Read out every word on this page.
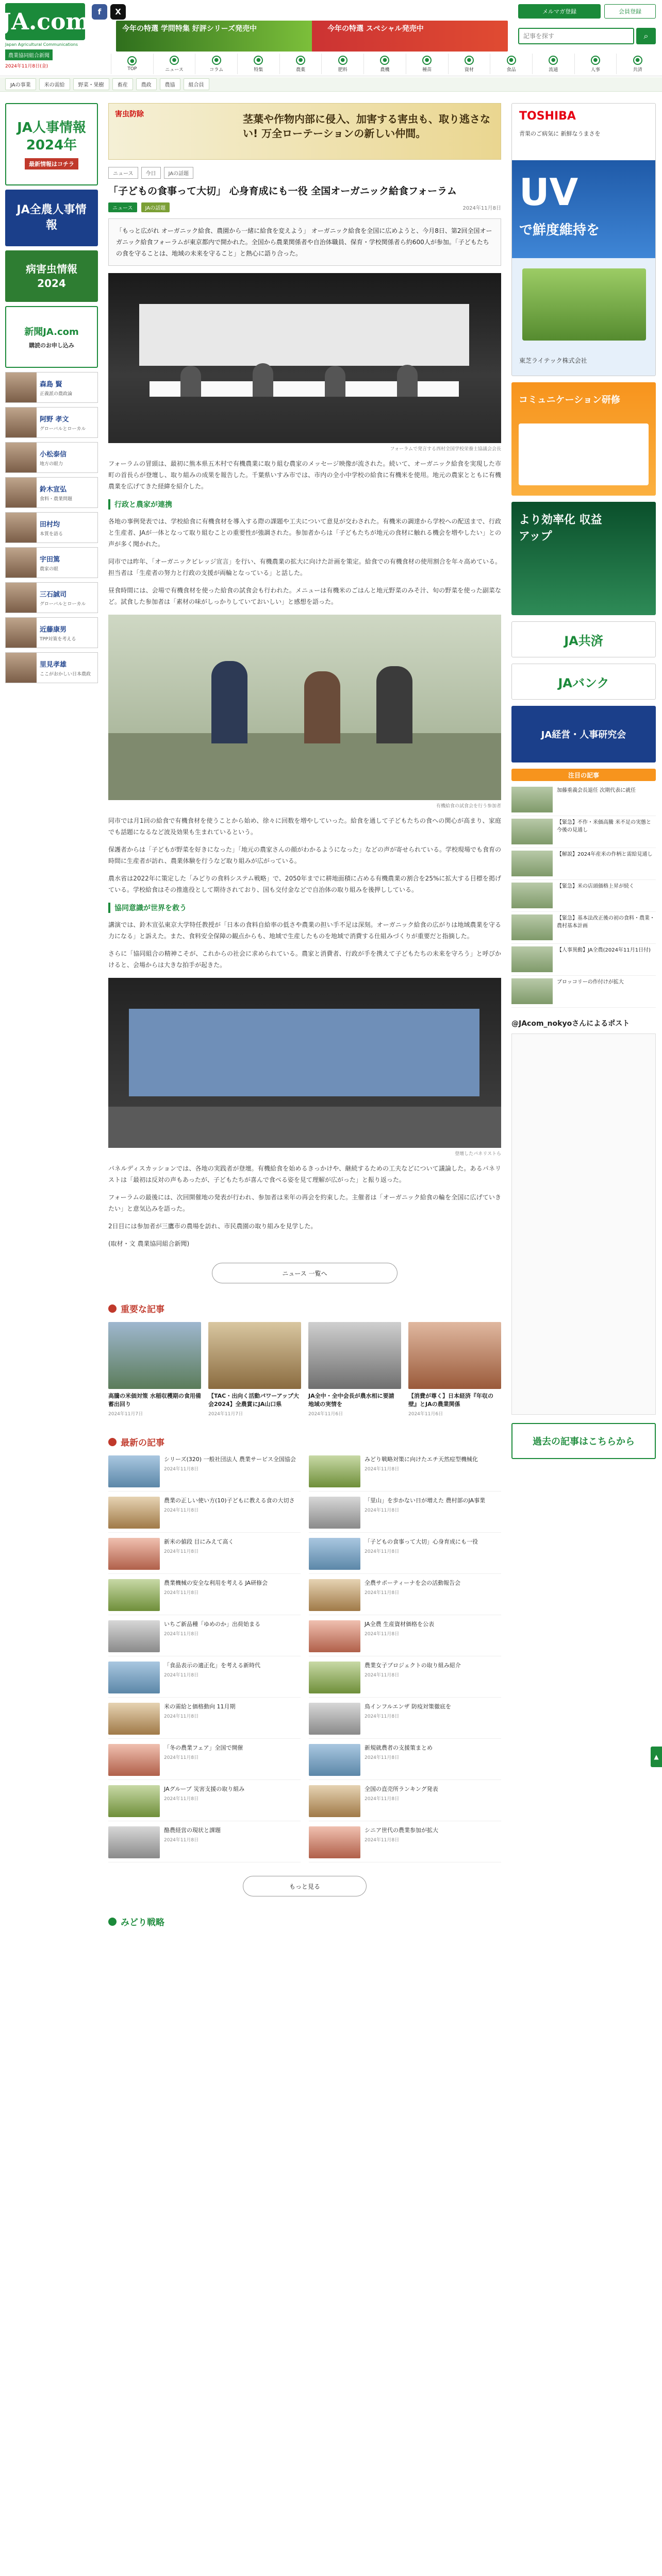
JA.com
Japan Agricultural Communications
農業協同組合新聞
2024年11月8日(金)
f	X
今年の特選 学問特集 好評シリーズ発売中	今年の特選 スペシャル発売中
メルマガ登録	会員登録
記事を探す
⌕
●
TOP
●
ニュース
●
コラム
●
特集
●
農薬
●
肥料
●
農機
●
種苗
●
資材
●
食品
●
流通
●
人事
●
共済
JAの事業	米の需給	野菜・果樹	畜産	農政	農協	組合員
JA人事情報2024年
最新情報はコチラ
JA全農人事情報
病害虫情報2024
新聞JA.com
購読のお申し込み
森島 賢
正義派の農政論
阿野 孝文
グローバルとローカル
小松泰信
地方の眼力
鈴木宣弘
食料・農業問題
田村均
本質を語る
宇田篤
農家の眼
三石誠司
グローバルとローカル
近藤康男
TPP対策を考える
里見孝雄
ここがおかしい日本農政
TOSHIBA
青果のご病気に 新鮮なうまさを
UV
で鮮度維持を
東芝ライテック株式会社
コミュニケーション研修
より効率化 収益アップ
JA共済
JAバンク
JA経営・人事研究会
注目の記事
加藤重義会長退任 次期代表に就任
【緊急】不作・米価高騰 米不足の実態と今後の見通し
【解説】2024年産米の作柄と需給見通し
【緊急】米の店頭価格上昇が続く
【緊急】基本法改正後の初の食料・農業・農村基本計画
【人事異動】JA全農(2024年11月1日付)
ブロッコリーの作付けが拡大
@JAcom_nokyoさんによるポスト
過去の記事はこちらから
害虫防除	茎葉や作物内部に侵入、加害する害虫も、取り逃さない! 万全ローテーションの新しい仲間。
ニュース	今日	JAの話題
「子どもの食事って大切」 心身育成にも一役 全国オーガニック給食フォーラム
ニュース	JAの話題	2024年11月8日
「もっと広がれ オーガニック給食、農園から一緒に給食を変えよう」 オーガニック給食を全国に広めようと、今月8日、第2回全国オーガニック給食フォーラムが東京都内で開かれた。全国から農業関係者や自治体職員、保育・学校関係者ら約600人が参加。「子どもたちの食を守ることは、地域の未来を守ること」と熱心に語り合った。
フォーラムで発言する西村全国学校栄養士協議会会長

フォーラムの冒頭は、最初に熊本県五木村で有機農業に取り組む農家のメッセージ映像が流された。続いて、オーガニック給食を実現した市町の首長らが登壇し、取り組みの成果を報告した。千葉県いすみ市では、市内の全小中学校の給食に有機米を使用。地元の農家とともに有機農業を広げてきた経緯を紹介した。

行政と農家が連携

各地の事例発表では、学校給食に有機食材を導入する際の課題や工夫について意見が交わされた。有機米の調達から学校への配送まで、行政と生産者、JAが一体となって取り組むことの重要性が強調された。参加者からは「子どもたちが地元の食材に触れる機会を増やしたい」との声が多く聞かれた。

同市では昨年、「オーガニックビレッジ宣言」を行い、有機農業の拡大に向けた計画を策定。給食での有機食材の使用割合を年々高めている。担当者は「生産者の努力と行政の支援が両輪となっている」と話した。

昼食時間には、会場で有機食材を使った給食の試食会も行われた。メニューは有機米のごはんと地元野菜のみそ汁、旬の野菜を使った副菜など。試食した参加者は「素材の味がしっかりしていておいしい」と感想を語った。

有機給食の試食会を行う参加者

同市では月1回の給食で有機食材を使うことから始め、徐々に回数を増やしていった。給食を通して子どもたちの食への関心が高まり、家庭でも話題になるなど波及効果も生まれているという。

保護者からは「子どもが野菜を好きになった」「地元の農家さんの顔がわかるようになった」などの声が寄せられている。学校現場でも食育の時間に生産者が訪れ、農業体験を行うなど取り組みが広がっている。

農水省は2022年に策定した「みどりの食料システム戦略」で、2050年までに耕地面積に占める有機農業の割合を25%に拡大する目標を掲げている。学校給食はその推進役として期待されており、国も交付金などで自治体の取り組みを後押ししている。

協同意識が世界を救う

講演では、鈴木宣弘東京大学特任教授が「日本の食料自給率の低さや農業の担い手不足は深刻。オーガニック給食の広がりは地域農業を守る力になる」と訴えた。また、食料安全保障の観点からも、地域で生産したものを地域で消費する仕組みづくりが重要だと指摘した。

さらに「協同組合の精神こそが、これからの社会に求められている。農家と消費者、行政が手を携えて子どもたちの未来を守ろう」と呼びかけると、会場からは大きな拍手が起きた。

登壇したパネリストら

パネルディスカッションでは、各地の実践者が登壇。有機給食を始めるきっかけや、継続するための工夫などについて議論した。あるパネリストは「最初は反対の声もあったが、子どもたちが喜んで食べる姿を見て理解が広がった」と振り返った。

フォーラムの最後には、次回開催地の発表が行われ、参加者は来年の再会を約束した。主催者は「オーガニック給食の輪を全国に広げていきたい」と意気込みを語った。

2日目には参加者が三鷹市の農場を訪れ、市民農園の取り組みを見学した。

(取材・文 農業協同組合新聞)

ニュース 一覧へ
重要な記事
高騰の米価対策 水稲収穫期の食用備蓄出回り
2024年11月7日
【TAC・出向く活動パワーアップ大会2024】全農賞にJA山口県
2024年11月7日
JA全中・全中会長が農水相に要請 地域の実情を
2024年11月6日
【消費が尊く】日本経済『年収の壁』とJAの農業関係
2024年11月6日
最新の記事
シリーズ(320) 一般社団法人 農業サービス全国協会
2024年11月8日
みどり戦略対策に向けたエチ天然痘型機械化
2024年11月8日
農業の正しい使い方(10)子どもに教える食の大切さ
2024年11月8日
「里山」を歩かない日が増えた 農村部のJA事業
2024年11月8日
新米の値段 目にみえて高く
2024年11月8日
「子どもの食事って大切」心身育成にも一役
2024年11月8日
農業機械の安全な利用を考える JA研修会
2024年11月8日
全農サポーティーナを会の活動報告会
2024年11月8日
いちご新品種「ゆめのか」出荷始まる
2024年11月8日
JA全農 生産資材価格を公表
2024年11月8日
「食品表示の適正化」を考える新時代
2024年11月8日
農業女子プロジェクトの取り組み紹介
2024年11月8日
米の需給と価格動向 11月期
2024年11月8日
鳥インフルエンザ 防疫対策徹底を
2024年11月8日
「冬の農業フェア」全国で開催
2024年11月8日
新規就農者の支援策まとめ
2024年11月8日
JAグループ 災害支援の取り組み
2024年11月8日
全国の直売所ランキング発表
2024年11月8日
酪農経営の現状と課題
2024年11月8日
シニア世代の農業参加が拡大
2024年11月8日
もっと見る
みどり戦略
▲
